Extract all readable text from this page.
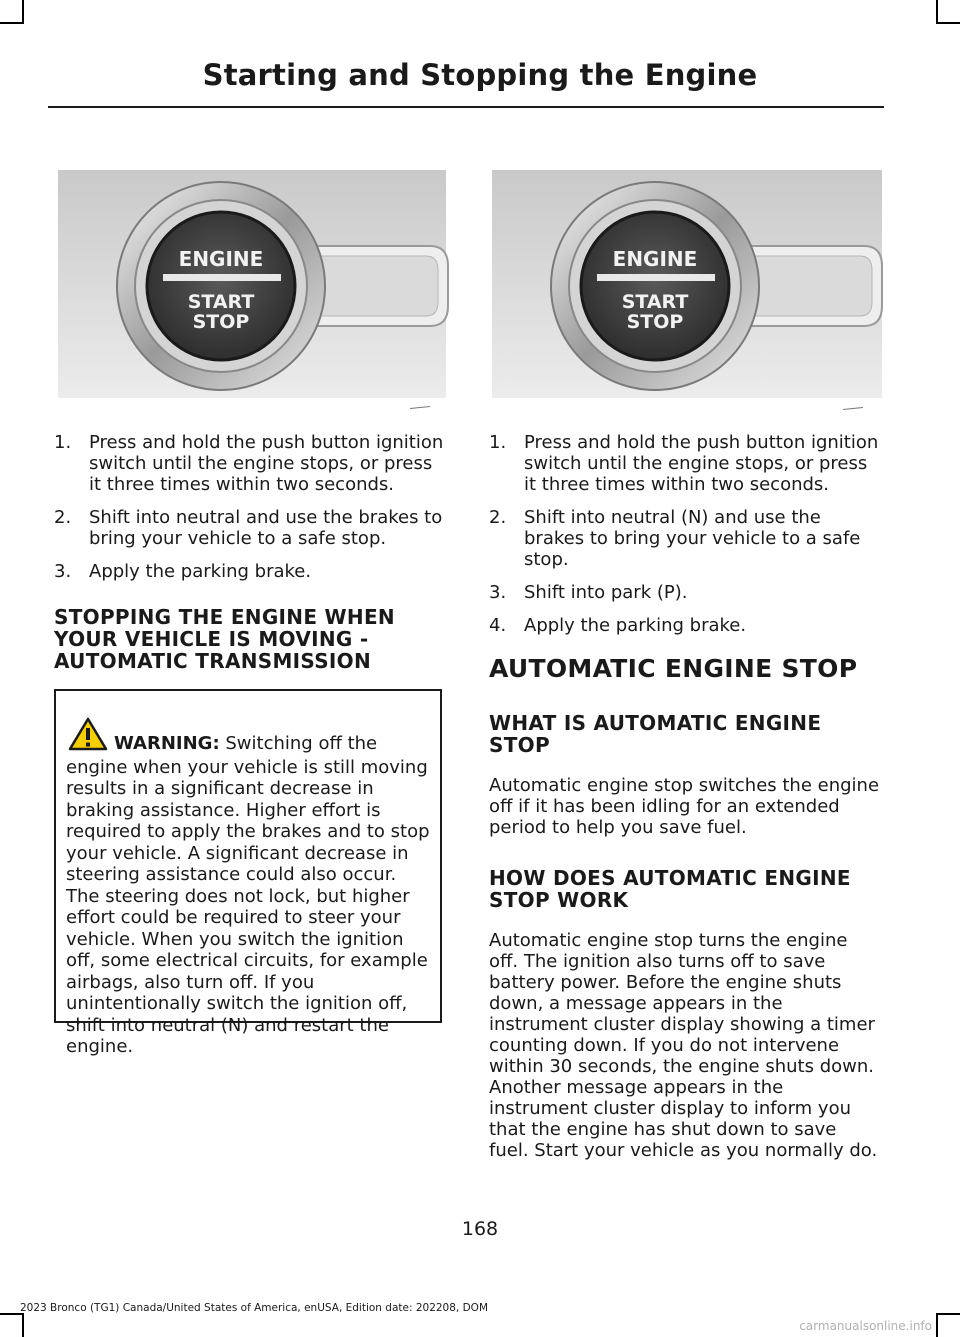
Starting and Stopping the Engine
ENGINE
START
STOP
ENGINE
START
STOP
1. Press and hold the push button ignition switch until the engine stops, or press it three times within two seconds.
2. Shift into neutral and use the brakes to bring your vehicle to a safe stop.
3. Apply the parking brake.
STOPPING THE ENGINE WHEN YOUR VEHICLE IS MOVING - AUTOMATIC TRANSMISSION
WARNING: Switching off the engine when your vehicle is still moving results in a significant decrease in braking assistance. Higher effort is required to apply the brakes and to stop your vehicle. A significant decrease in steering assistance could also occur. The steering does not lock, but higher effort could be required to steer your vehicle. When you switch the ignition off, some electrical circuits, for example airbags, also turn off. If you unintentionally switch the ignition off, shift into neutral (N) and restart the engine.
1. Press and hold the push button ignition switch until the engine stops, or press it three times within two seconds.
2. Shift into neutral (N) and use the brakes to bring your vehicle to a safe stop.
3. Shift into park (P).
4. Apply the parking brake.
AUTOMATIC ENGINE STOP
WHAT IS AUTOMATIC ENGINE STOP

Automatic engine stop switches the engine off if it has been idling for an extended period to help you save fuel.

HOW DOES AUTOMATIC ENGINE STOP WORK

Automatic engine stop turns the engine off. The ignition also turns off to save battery power. Before the engine shuts down, a message appears in the instrument cluster display showing a timer counting down. If you do not intervene within 30 seconds, the engine shuts down. Another message appears in the instrument cluster display to inform you that the engine has shut down to save fuel. Start your vehicle as you normally do.

168
2023 Bronco (TG1) Canada/United States of America, enUSA, Edition date: 202208, DOM
carmanualsonline.info
